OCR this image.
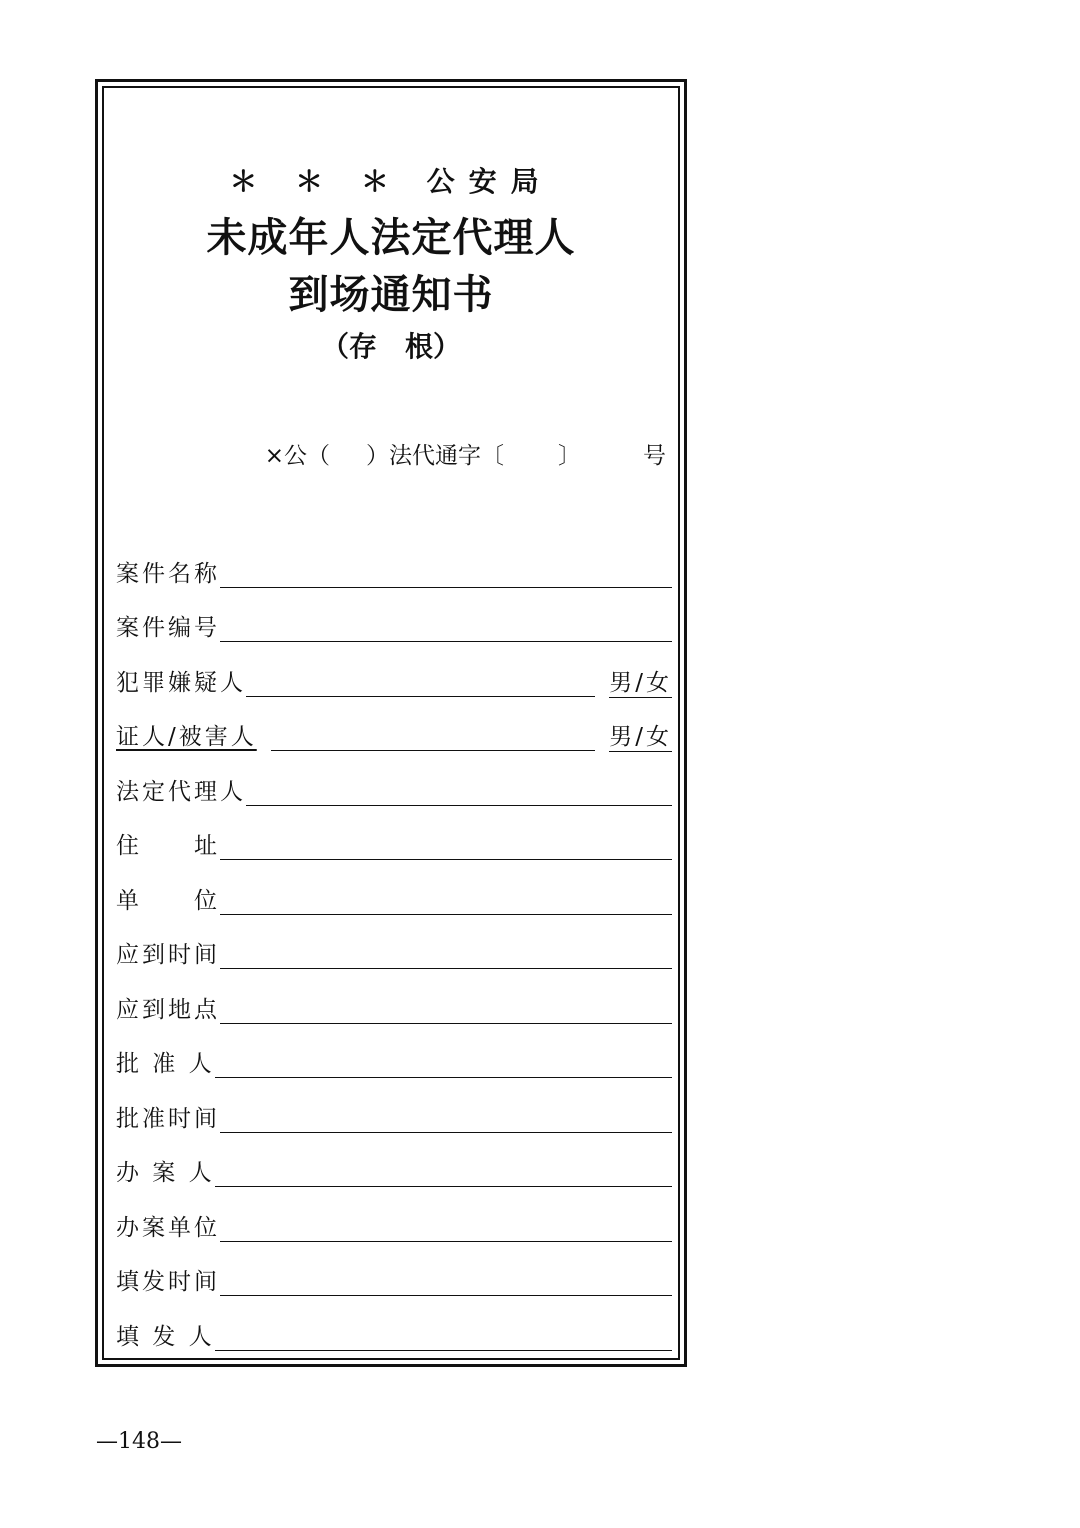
＊ ＊ ＊ 公安局
未成年人法定代理人
到场通知书
（存　根）
×公（ ）法代通字〔 〕	号
案件名称
案件编号
犯罪嫌疑人	男/女
证人/被害人	男/女
法定代理人
住　　址
单　　位
应到时间
应到地点
批 准 人
批准时间
办 案 人
办案单位
填发时间
填 发 人
—148—
